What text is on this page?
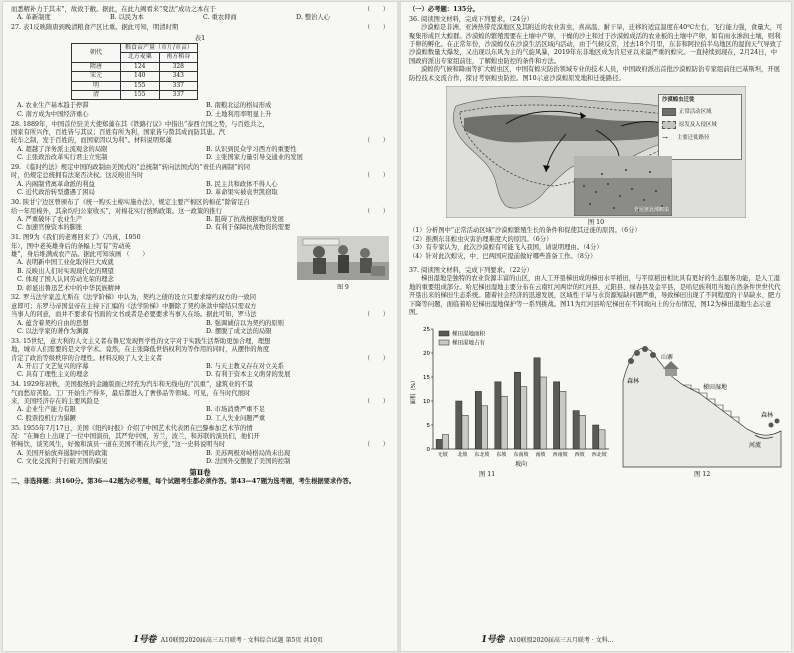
而悉精补力于其末”，故致于敝。据此，在此九阙看来“变法”成功之本在于	（　　）

A. 革新制度	B. 以民为本	C. 重农抑商	D. 整治人心

27. 表1反映隋唐到晚清粮食产区比重。据此可知，明清时期	（　　）

表1
朝代	粮食亩产量（市斤/市亩）	
	北方麦粟	南方稻谷
隋唐	124	328
宋元	140	343
明	155	337
清	155	337
A. 农业生产基本趋于停滞	B. 南粮北运的格局形成
C. 南方成为中国经济重心	D. 土地利用率明显上升

28. 1889年，中国首位驻美大使郑藻在其《铁路行议》中指出“泰西立国之势，与百姓共之，

国家有所兴作，百姓皆与其议；百姓有所为利，国家皆与赞其成而防其患。汽

轮车之制，发于百姓的，而国家因以为利”。材料说明郑藻	（　　）

A. 超越了洋务派主流观念的局限	B. 认识到民众学习西方的重要性
C. 主张政治改革实行君主立宪制	D. 主张国家力量引导交通业的发展

29. 《临时约法》规定中国的政制由美国式的“总统制”转向法国式的“责任内阁制”的同

时，仍规定总统拥有法案否决权。这反映出当时	（　　）

A. 内阁制背离革命派的利益	B. 民主共和政体不得人心
C. 近代政治转型遭遇了困局	D. 革命果实被袁世凯窃取

30. 陕甘宁边区曾颁布了《统一购买土棉实施办法》，规定主要产棉区的棉花“除留足自

给一年用棉外，其余均归公家收买”，对棉花实行统购政策。这一政策的推行	（　　）

A. 严重破坏了农业生产	B. 阻碍了抗战根据地的发展
C. 加速官僚资本的膨胀	D. 有利于保障抗战物资的需要
图 9

31. 图9为《我们的老赛回来了》（冯真，1950

年），图中老英雄身后的条幅上写有“劳动英

雄”，身后堆满成农产品。据此可知该画 （　　）

A. 表明新中国工业化取得巨大成就

B. 反映出人们对实现现代化的期望

C. 体现了国人认同劳动光荣的理念

D. 彰显出鲁迅艺术中的中华民族精神

32. 罗马法学家盖尤斯在《法学阶梯》中认为，契约之债的设立只要求缔约双方的一致同

意即可；东罗马帝国皇帝在主持下汇编的《法学阶梯》中删除了契约条款中缔结只需双方

当事人的同意，而并不要求有书面的文书或者是必要要求当事人在场。据此可知，罗马法	（　　）

A. 蕴含着契约自由的思想	B. 强调诚信以为契约的原则
C. 以法学家的著作为渊源	D. 摆脱了成文法的局限

33. 15世纪，意大利的人文主义者布鲁尼发现哲学性的文字对于实践生活帮助更加合理，理想

地，城市人们需要的是文学学术。竟然，在主张降低世俗权利为等作用的同时，从摆作的角度

肯定了政治等级秩序的合理性。材料反映了人文主义者	（　　）

A. 开启了文艺复兴的序幕	B. 与天主教义存在对立关系
C. 具有了理性主义的理念	D. 有利于资本主义萌芽的发展

34. 1929年初秋，美国报纸的金融版面已经充为汽车和无线电的“沉重”，建筑业的不景

气而愁眉苦脸。工厂开始生产得多，最后都进入了奢侈品等领域。可见，在当时代展时

来，美国经济存在的主要风险是	（　　）

A. 企业生产能力有限	B. 市场消费严重不足
C. 股票投机行为猖獗	D. 工人失业问题严重

35. 1955年7月17日，美国《纽约时报》介绍了中国艺术代表团在巴黎参加艺术节的情

况：“在舞台上出现了一位中国演员，其严党中国，芳兰，波兰，和苏联的演员们，他们开

怀畅饮、谈笑风生，好像和演员一道在美国不断在共产党，”这一史料说明当时	（　　）

A. 美国开始放弃遏制中国的政策	B. 美苏两极对峙格局尚未出现
C. 文化交流利于打破美国的偏见	D. 法国外交摆脱了美国的控制
第Ⅱ卷

二、非选择题：共160分。第36—42题为必考题，每个试题考生都必须作答。第43—47题为选考题，考生根据要求作答。

1号卷 A10联盟2020届高三五月联考 · 文科综合试题 第5页 共10页

（一）必考题：135分。

36. 阅读图文材料，完成下列要求。（24分）

沙漠蝗是非洲、亚洲热带荒漠地区及其附近的农业害虫，喜高温、耐干旱，迁移的适宜温度在40℃左右，飞行能力强，食量大，可聚集形成巨大蝗群。沙漠蝗的繁殖需要在土壤中产卵，干燥的沙土和过于沙漠蝗成活的农业板的土壤中产卵，如有雨水渗润土壤，则利于卵的孵化。在正常年份，沙漠蝗仅在沙漠生活区域内活动，由于气候反常，过去18个月里，东非和阿拉伯半岛地区的湿润天气导致了沙漠蝗数量大爆发，又出现以东风为主的气旋风暴，2019年东非地区成为肯尼亚以来最严重的蝗灾。一直持续到现在，2月24日，中国政府派出专家组前往，了解蝗虫防控的条件和方法。

漠蝗的气候和降雨等扩大蝗虫区，中国有蝗灾防治领域专业的技术人员，中国政府派出首批沙漠蝗防治专家组前往巴基斯坦，开展防控技术交流合作，探讨考察蝗虫防控。图10示意沙漠蝗原发地和迁徙路径。

沙漠蝗虫迁徙
正常活动区域
原发及入侵区域
→	主要迁徙路径
肯尼亚北部蝗虫
图 10

（1）分析图中“正常活动区域”沙漠蝗繁殖生长的条件和促使其迁徙的原因。（6分）

（2）推测东非蝗虫灾害治理难度大的原因。（6分）

（3）有专家认为，此次沙漠蝗有可能飞入我国，请说明理由。（4分）

（4）针对此次蝗灾，中、巴两国应提前做好哪些准备工作。（8分）

37. 阅读图文材料，完成下列要求。（22分）

梯田湿地是独特的农业资源丰富的山区，由人工开垦梯田成的梯田水平稻田，与平原稻田相比具有更好的生态服务功能，是人工湿地的重要组成部分。哈尼梯田湿地主要分布在云南红河两岸的红河县、元阳县、绿春县及金平县，是哈尼族利用当地自然条件世世代代开垦出来的梯田生态系统。随着社会经济的迅速发展，区域性干旱与水资源短缺问题严重，导致梯田出现了不同程度的干旱缺水、肥力下降等问题，面临着哈尼梯田湿地保护等一系列挑战。图11为红河县哈尼梯田在不同坡向上的分布情况，图12为梯田湿地生态示意图。

0
5
10
15
20
25
面积（%）
无坡 北坡 东北坡 东坡 东南坡 南坡 西南坡 西坡 西北坡
坡向
梯田湿地面积
梯田湿地占有
森林
山寨
梯田湿地
河流
森林
图 11	图 12
1号卷 A10联盟2020届高三五月联考 · 文科...
